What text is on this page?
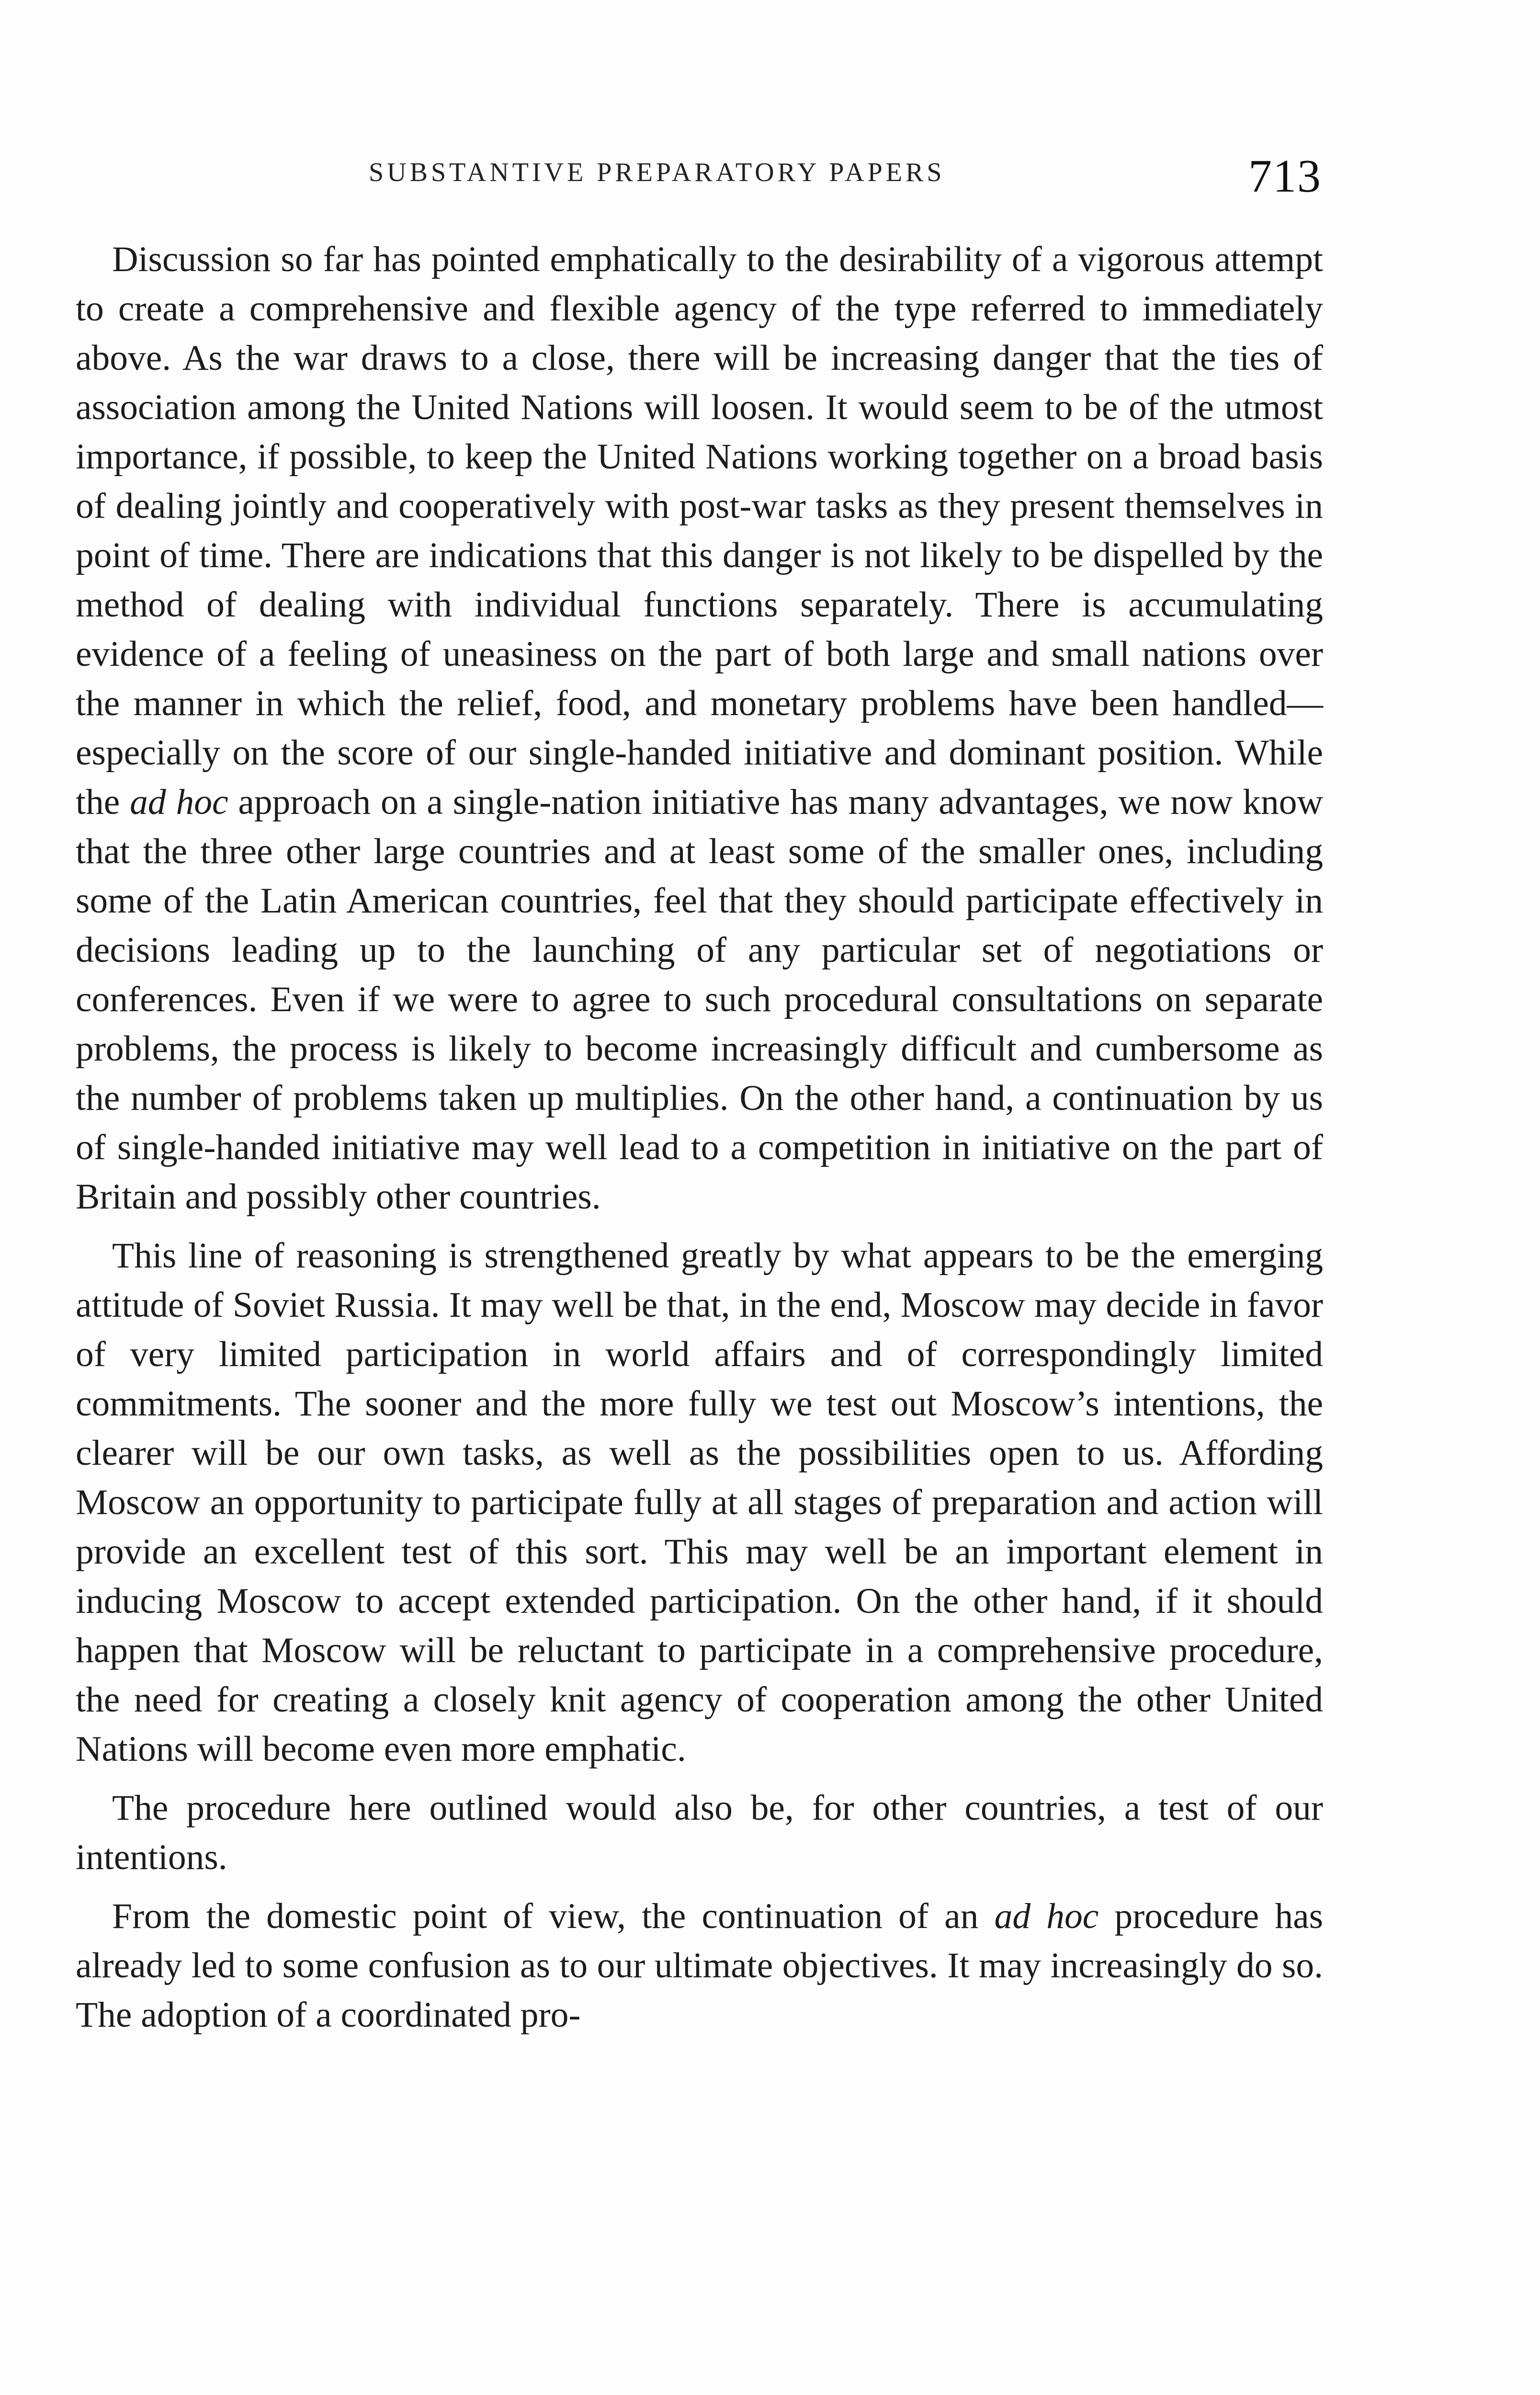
SUBSTANTIVE PREPARATORY PAPERS	713

Discussion so far has pointed emphatically to the desirability of a vigorous attempt to create a comprehensive and flexible agency of the type referred to immediately above. As the war draws to a close, there will be increasing danger that the ties of association among the United Nations will loosen. It would seem to be of the utmost importance, if possible, to keep the United Nations working together on a broad basis of dealing jointly and cooperatively with post-war tasks as they present themselves in point of time. There are indications that this danger is not likely to be dispelled by the method of dealing with individual functions separately. There is accumulating evidence of a feeling of uneasiness on the part of both large and small nations over the manner in which the relief, food, and monetary problems have been handled—especially on the score of our single-handed initiative and dominant position. While the ad hoc approach on a single-nation initiative has many advantages, we now know that the three other large countries and at least some of the smaller ones, including some of the Latin American countries, feel that they should participate effectively in decisions leading up to the launching of any particular set of negotiations or conferences. Even if we were to agree to such procedural consultations on separate problems, the process is likely to become increasingly difficult and cumbersome as the number of problems taken up multiplies. On the other hand, a continuation by us of single-handed initiative may well lead to a competition in initiative on the part of Britain and possibly other countries.

This line of reasoning is strengthened greatly by what appears to be the emerging attitude of Soviet Russia. It may well be that, in the end, Moscow may decide in favor of very limited participation in world affairs and of correspondingly limited commitments. The sooner and the more fully we test out Moscow’s intentions, the clearer will be our own tasks, as well as the possibilities open to us. Affording Moscow an opportunity to participate fully at all stages of preparation and action will provide an excellent test of this sort. This may well be an important element in inducing Moscow to accept extended participation. On the other hand, if it should happen that Moscow will be reluctant to participate in a comprehensive procedure, the need for creating a closely knit agency of cooperation among the other United Nations will become even more emphatic.

The procedure here outlined would also be, for other countries, a test of our intentions.

From the domestic point of view, the continuation of an ad hoc procedure has already led to some confusion as to our ultimate objectives. It may increasingly do so. The adoption of a coordinated pro-
